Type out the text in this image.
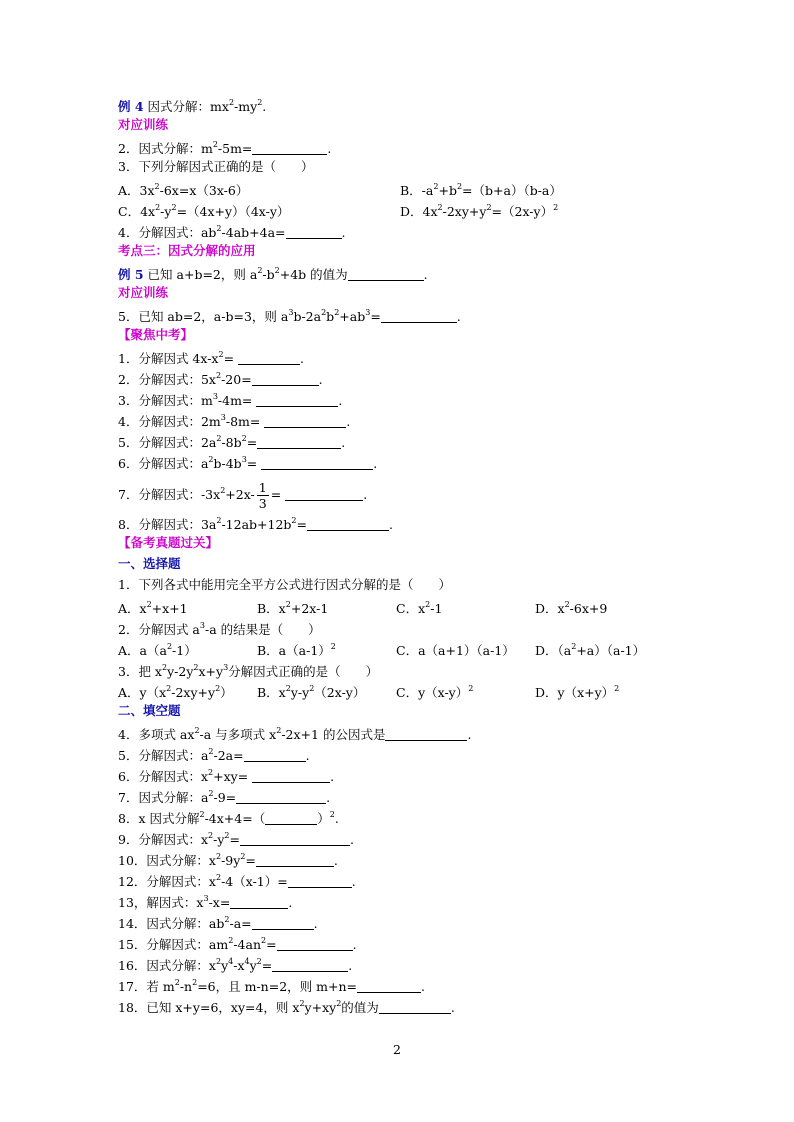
例 4 因式分解：$mx^2-my^2$.
对应训练
2．因式分解：$m^2-5m=$	.
3．下列分解因式正确的是（　　）
A．$3x^2-6x=x(3x-6)$	B．$-a^2+b^2=(b+a)(b-a)$
C．$4x^2-y^2=(4x+y)(4x-y)$	D．$4x^2-2xy+y^2=(2x-y)^2$
4．分解因式：$ab^2-4ab+4a=$	.
考点三：因式分解的应用
例 5 已知 a+b=2，则 $a^2-b^2+4b$ 的值为	.
对应训练
5．已知 ab=2，a-b=3，则 $a^3b-2a^2b^2+ab^3=$	.
【聚焦中考】
1．分解因式 $4x-x^2=$	.
2．分解因式：$5x^2-20=$	.
3．分解因式：$m^3-4m=$	.
4．分解因式：$2m^3-8m=$	.
5．分解因式：$2a^2-8b^2=$	.
6．分解因式：$a^2b-4b^3=$	.
7．分解因式：$-3x^2+2x- \frac{1}{3}$ =	.
8．分解因式：$3a^2-12ab+12b^2=$	.
【备考真题过关】
一、选择题
1．下列各式中能用完全平方公式进行因式分解的是（　　）
A．$x^2+x+1$	B．$x^2+2x-1$	C．$x^2-1$	D．$x^2-6x+9$
2．分解因式 $a^3-a$ 的结果是（　　）
A．$a(a^2-1)$	B．$a(a-1)^2$	C．a（a+1）（a-1） D．$(a^2+a)(a-1)$
3．把 $x^2y-2y^2x+y^3$分解因式正确的是（　　）
A．$y(x^2-2xy+y^2)$ B．$x^2y-y^2(2x-y)$ C．$y(x-y)^2$	D．$y(x+y)^2$
二、填空题
4．多项式 $ax^2-a$ 与多项式 $x^2-2x+1$ 的公因式是	.
5．分解因式：$a^2-2a=$	.
6．分解因式：$x^2+xy=$	.
7．因式分解：$a^2-9=$	.
8．x 因式分解$^2$-4x+4=（	）$^2$.
9．分解因式：$x^2-y^2=$	.
10．因式分解：$x^2-9y^2=$	.
12．分解因式：$x^2-4(x-1)=$	.
13，解因式：$x^3-x=$	.
14．因式分解：$ab^2-a=$	.
15．分解因式：$am^2-4an^2=$	.
16．因式分解：$x^2y^4-x^4y^2=$	.
17．若 $m^2-n^2=6$，且 m-n=2，则 m+n=	.
18．已知 x+y=6，xy=4，则 $x^2y+xy^2$的值为	.
2
